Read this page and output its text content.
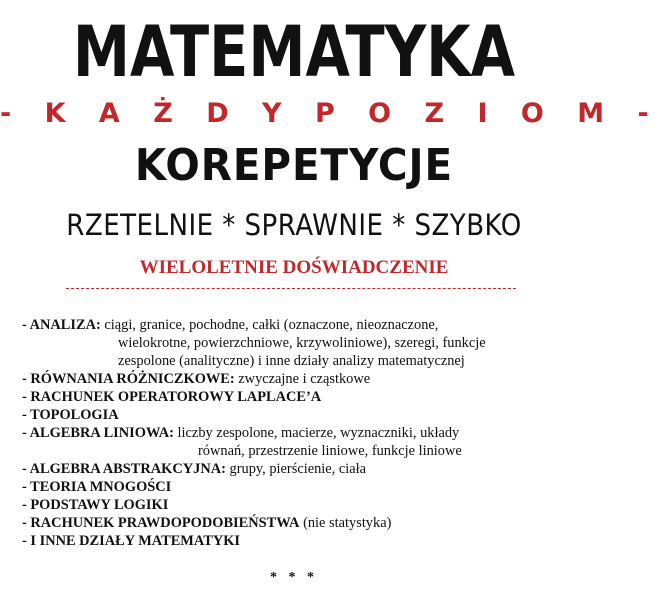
MATEMATYKA
- K A Ż D Y P O Z I O M -
KOREPETYCJE
RZETELNIE * SPRAWNIE * SZYBKO
WIELOLETNIE DOŚWIADCZENIE
- ANALIZA: ciągi, granice, pochodne, całki (oznaczone, nieoznaczone,
wielokrotne, powierzchniowe, krzywoliniowe), szeregi, funkcje
zespolone (analityczne) i inne działy analizy matematycznej
- RÓWNANIA RÓŻNICZKOWE: zwyczajne i cząstkowe
- RACHUNEK OPERATOROWY LAPLACE’A
- TOPOLOGIA
- ALGEBRA LINIOWA: liczby zespolone, macierze, wyznaczniki, układy
równań, przestrzenie liniowe, funkcje liniowe
- ALGEBRA ABSTRAKCYJNA: grupy, pierścienie, ciała
- TEORIA MNOGOŚCI
- PODSTAWY LOGIKI
- RACHUNEK PRAWDOPODOBIEŃSTWA (nie statystyka)
- I INNE DZIAŁY MATEMATYKI
* * *
